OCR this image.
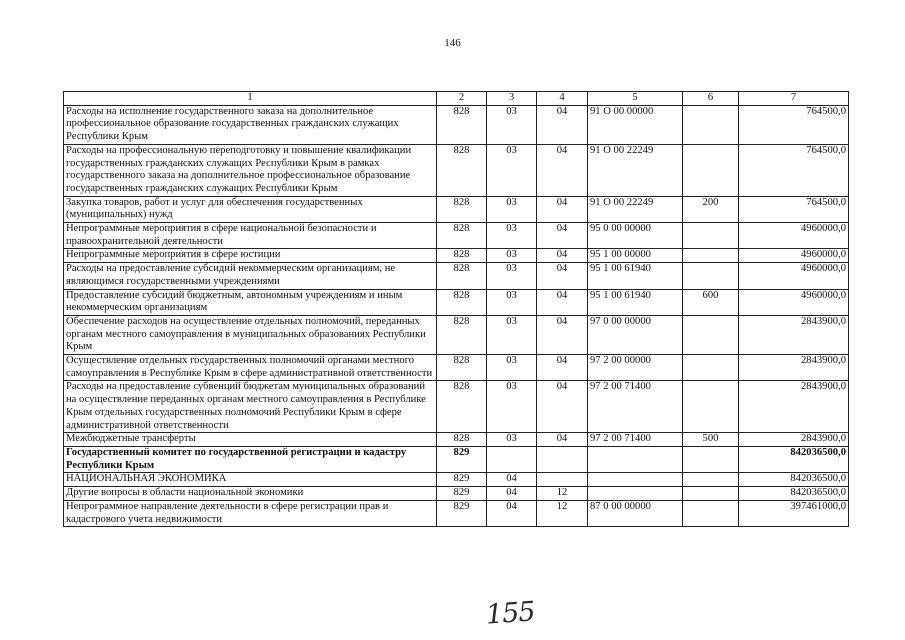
146
1	2	3	4	5	6	7
Расходы на исполнение государственного заказа на дополнительное профессиональное образование государственных гражданских служащих Республики Крым	828	03	04	91 О 00 00000		764500,0
Расходы на профессиональную переподготовку и повышение квалификации государственных гражданских служащих Республики Крым в рамках государственного заказа на дополнительное профессиональное образование государственных гражданских служащих Республики Крым	828	03	04	91 О 00 22249		764500,0
Закупка товаров, работ и услуг для обеспечения государственных (муниципальных) нужд	828	03	04	91 О 00 22249	200	764500,0
Непрограммные мероприятия в сфере национальной безопасности и правоохранительной деятельности	828	03	04	95 0 00 00000		4960000,0
Непрограммные мероприятия в сфере юстиции	828	03	04	95 1 00 00000		4960000,0
Расходы на предоставление субсидий некоммерческим организациям, не являющимся государственными учреждениями	828	03	04	95 1 00 61940		4960000,0
Предоставление субсидий бюджетным, автономным учреждениям и иным некоммерческим организациям	828	03	04	95 1 00 61940	600	4960000,0
Обеспечение расходов на осуществление отдельных полномочий, переданных органам местного самоуправления в муниципальных образованиях Республики Крым	828	03	04	97 0 00 00000		2843900,0
Осуществление отдельных государственных полномочий органами местного самоуправления в Республике Крым в сфере административной ответственности	828	03	04	97 2 00 00000		2843900,0
Расходы на предоставление субвенций бюджетам муниципальных образований на осуществление переданных органам местного самоуправления в Республике Крым отдельных государственных полномочий Республики Крым в сфере административной ответственности	828	03	04	97 2 00 71400		2843900,0
Межбюджетные трансферты	828	03	04	97 2 00 71400	500	2843900,0
Государственный комитет по государственной регистрации и кадастру Республики Крым	829					842036500,0
НАЦИОНАЛЬНАЯ ЭКОНОМИКА	829	04				842036500,0
Другие вопросы в области национальной экономики	829	04	12			842036500,0
Непрограммное направление деятельности в сфере регистрации прав и кадастрового учета недвижимости	829	04	12	87 0 00 00000		397461000,0
155
